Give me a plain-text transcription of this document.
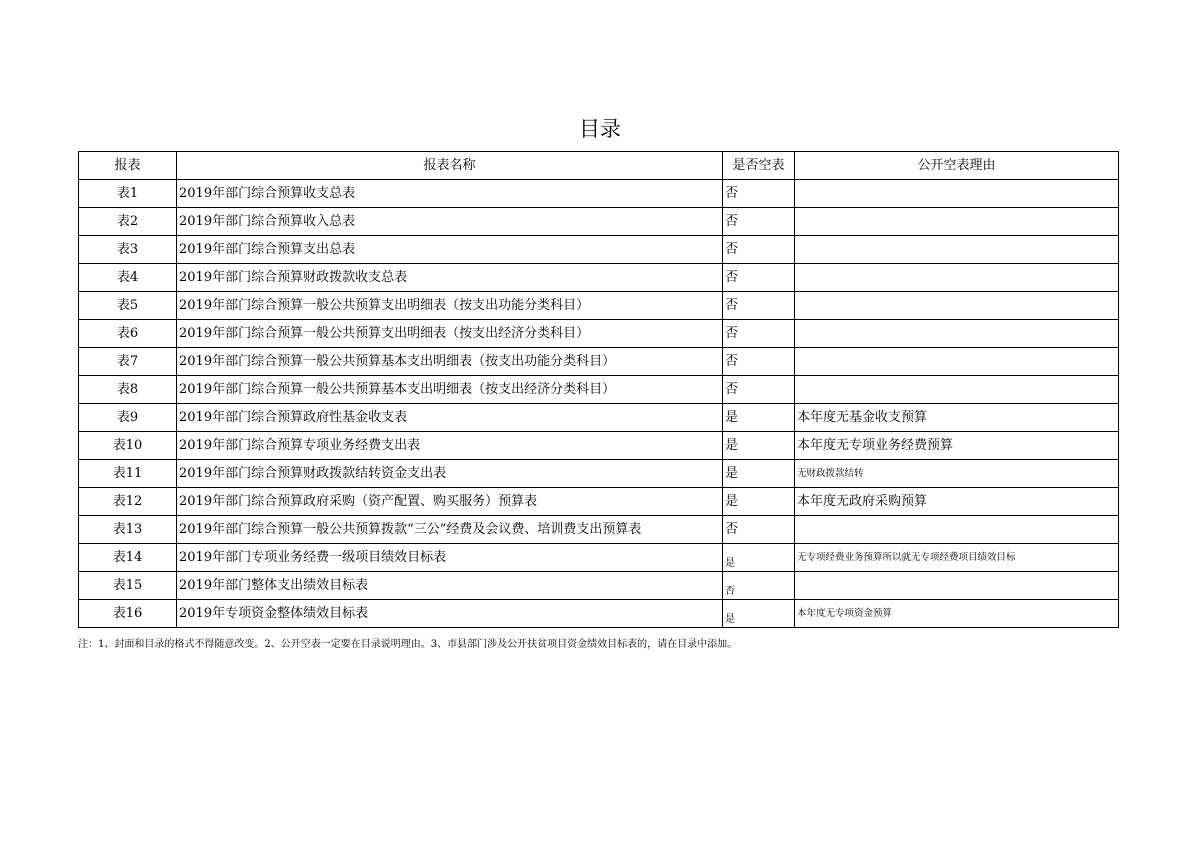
目录
报表	报表名称	是否空表	公开空表理由
表1	2019年部门综合预算收支总表	否	
表2	2019年部门综合预算收入总表	否	
表3	2019年部门综合预算支出总表	否	
表4	2019年部门综合预算财政拨款收支总表	否	
表5	2019年部门综合预算一般公共预算支出明细表（按支出功能分类科目）	否	
表6	2019年部门综合预算一般公共预算支出明细表（按支出经济分类科目）	否	
表7	2019年部门综合预算一般公共预算基本支出明细表（按支出功能分类科目）	否	
表8	2019年部门综合预算一般公共预算基本支出明细表（按支出经济分类科目）	否	
表9	2019年部门综合预算政府性基金收支表	是	本年度无基金收支预算
表10	2019年部门综合预算专项业务经费支出表	是	本年度无专项业务经费预算
表11	2019年部门综合预算财政拨款结转资金支出表	是	无财政拨款结转
表12	2019年部门综合预算政府采购（资产配置、购买服务）预算表	是	本年度无政府采购预算
表13	2019年部门综合预算一般公共预算拨款“三公”经费及会议费、培训费支出预算表	否	
表14	2019年部门专项业务经费一级项目绩效目标表	是	无专项经费业务预算所以就无专项经费项目绩效目标
表15	2019年部门整体支出绩效目标表	否	
表16	2019年专项资金整体绩效目标表	是	本年度无专项资金预算
注：1、封面和目录的格式不得随意改变。2、公开空表一定要在目录说明理由。3、市县部门涉及公开扶贫项目资金绩效目标表的，请在目录中添加。
